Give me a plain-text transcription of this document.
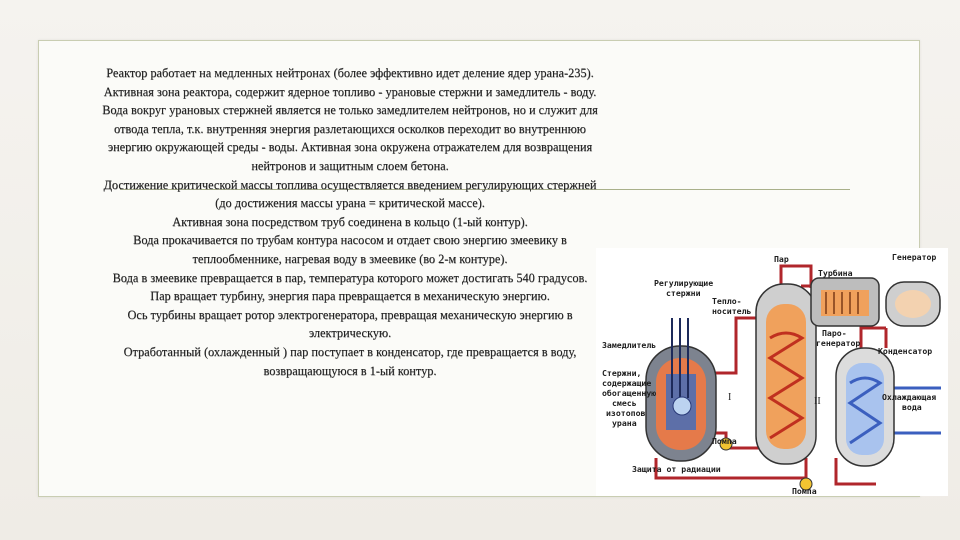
Реактор работает на медленных нейтронах (более эффективно идет деление ядер урана-235).

Активная зона реактора, содержит ядерное топливо - урановые стержни и замедлитель - воду. Вода вокруг урановых стержней является не только замедлителем нейтронов, но и служит для отвода тепла, т.к. внутренняя энергия разлетающихся осколков переходит во внутреннюю энергию окружающей среды - воды. Активная зона окружена отражателем для возвращения нейтронов и защитным слоем бетона.

Достижение критической массы топлива осуществляется введением регулирующих стержней (до достижения массы урана = критической массе).

Активная зона посредством труб соединена в кольцо (1-ый контур).

Вода прокачивается по трубам контура насосом и отдает свою энергию змеевику в теплообменнике, нагревая воду в змеевике (во 2-м контуре).

Вода в змеевике превращается в пар, температура которого может достигать 540 градусов.

Пар вращает турбину, энергия пара превращается в механическую энергию.

Ось турбины вращает ротор электрогенератора, превращая механическую энергию в электрическую.

Отработанный (охлажденный ) пар поступает в конденсатор, где превращается в воду, возвращающуюся в 1-ый контур.

Пар	Генератор
Турбина
Регулирующие
стержни
Тепло-
носитель
Паро-
генератор
Замедлитель
Конденсатор
Стержни,
содержащие
обогащенную
смесь
изотопов
урана
Охлаждающая
вода
Помпа
Помпа
Защита от радиации
I	II
